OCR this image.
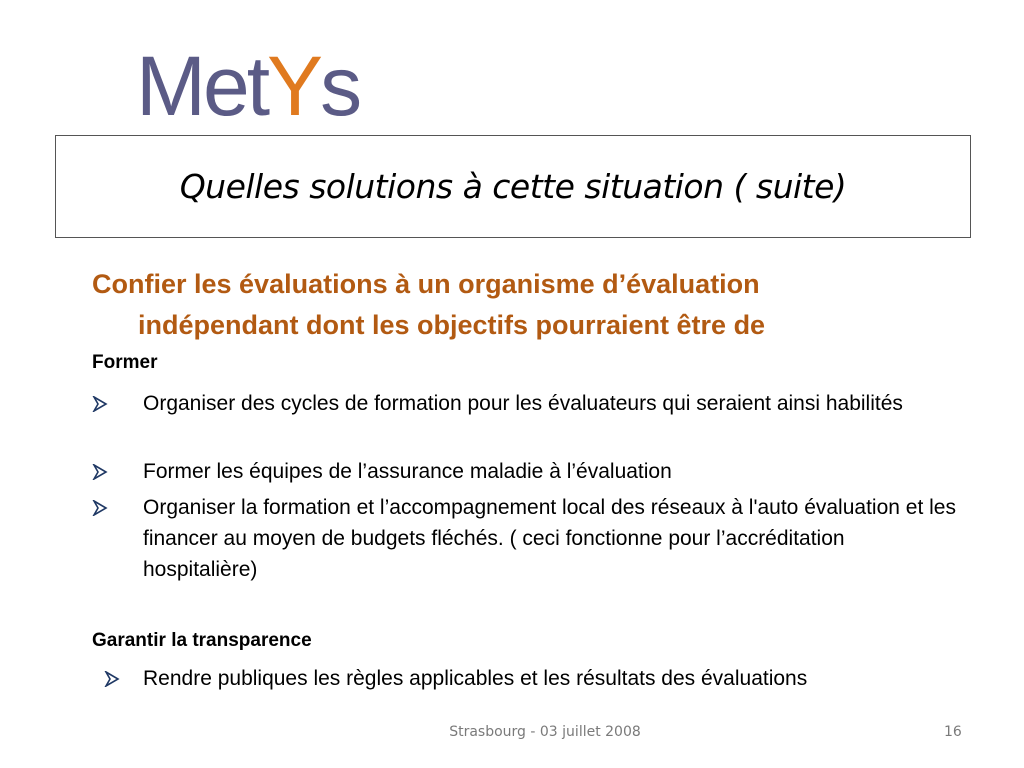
Met Y s
Quelles solutions à cette situation ( suite)
Confier les évaluations à un organisme d’évaluation
indépendant dont les objectifs pourraient être de
Former
Organiser des cycles de formation pour les évaluateurs qui seraient ainsi habilités
Former les équipes de l’assurance maladie à l’évaluation
Organiser la formation et l’accompagnement local des réseaux à l'auto évaluation et les financer au moyen de budgets fléchés. ( ceci fonctionne pour l’accréditation hospitalière)
Garantir la transparence
Rendre publiques les règles applicables et les résultats des évaluations
Strasbourg - 03 juillet 2008	16
